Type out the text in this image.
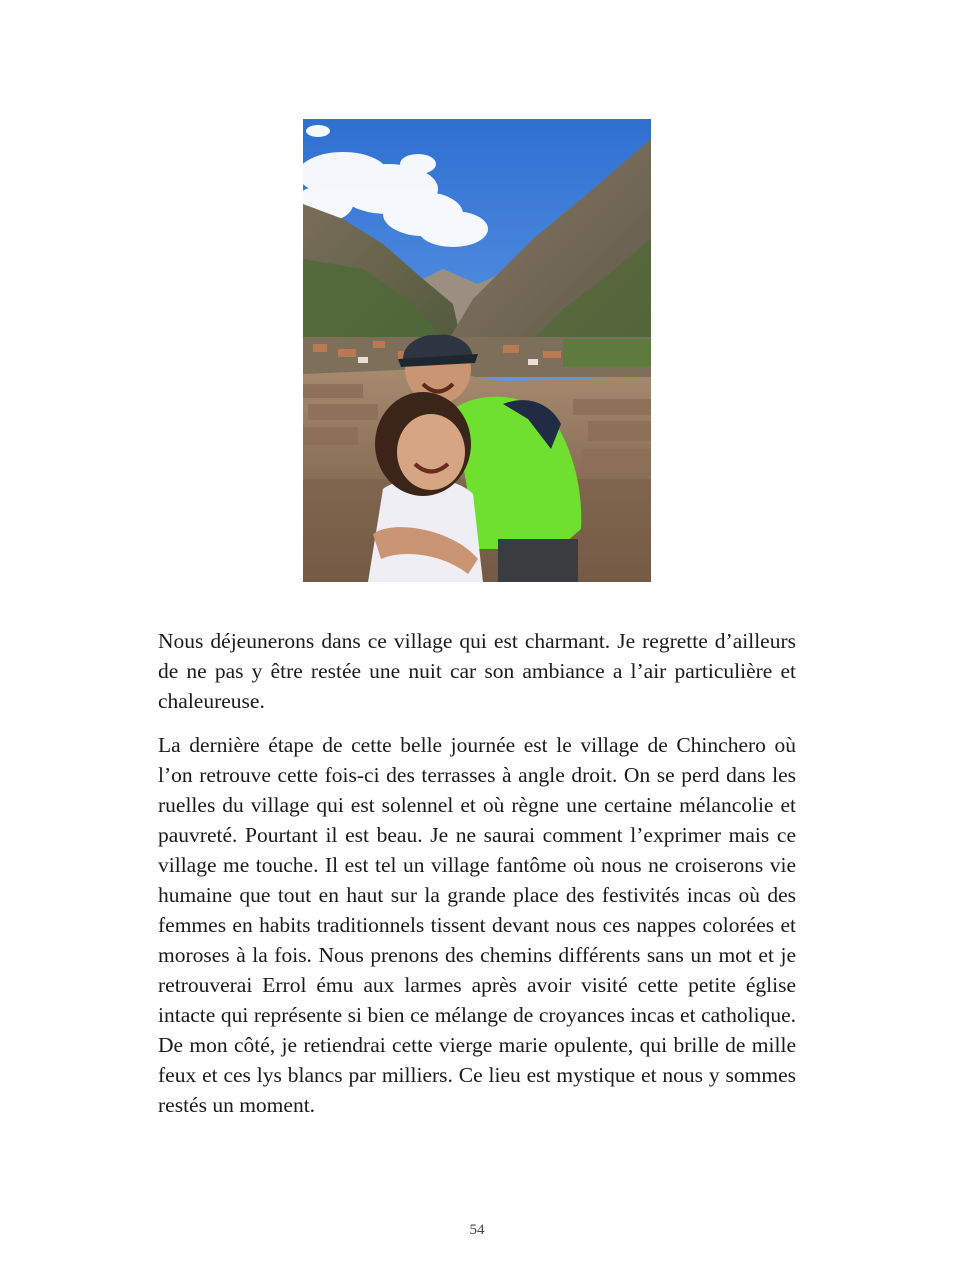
Nous déjeunerons dans ce village qui est charmant. Je regrette d’ailleurs de ne pas y être restée une nuit car son ambiance a l’air particulière et chaleureuse.

La dernière étape de cette belle journée est le village de Chinchero où l’on retrouve cette fois-ci des terrasses à angle droit. On se perd dans les ruelles du village qui est solennel et où règne une certaine mélancolie et pauvreté. Pourtant il est beau. Je ne saurai comment l’exprimer mais ce village me touche. Il est tel un village fantôme où nous ne croiserons vie humaine que tout en haut sur la grande place des festivités incas où des femmes en habits traditionnels tissent devant nous ces nappes colorées et moroses à la fois. Nous prenons des chemins différents sans un mot et je retrouverai Errol ému aux larmes après avoir visité cette petite église intacte qui représente si bien ce mélange de croyances incas et catholique. De mon côté, je retiendrai cette vierge marie opulente, qui brille de mille feux et ces lys blancs par milliers. Ce lieu est mystique et nous y sommes restés un moment.

54
